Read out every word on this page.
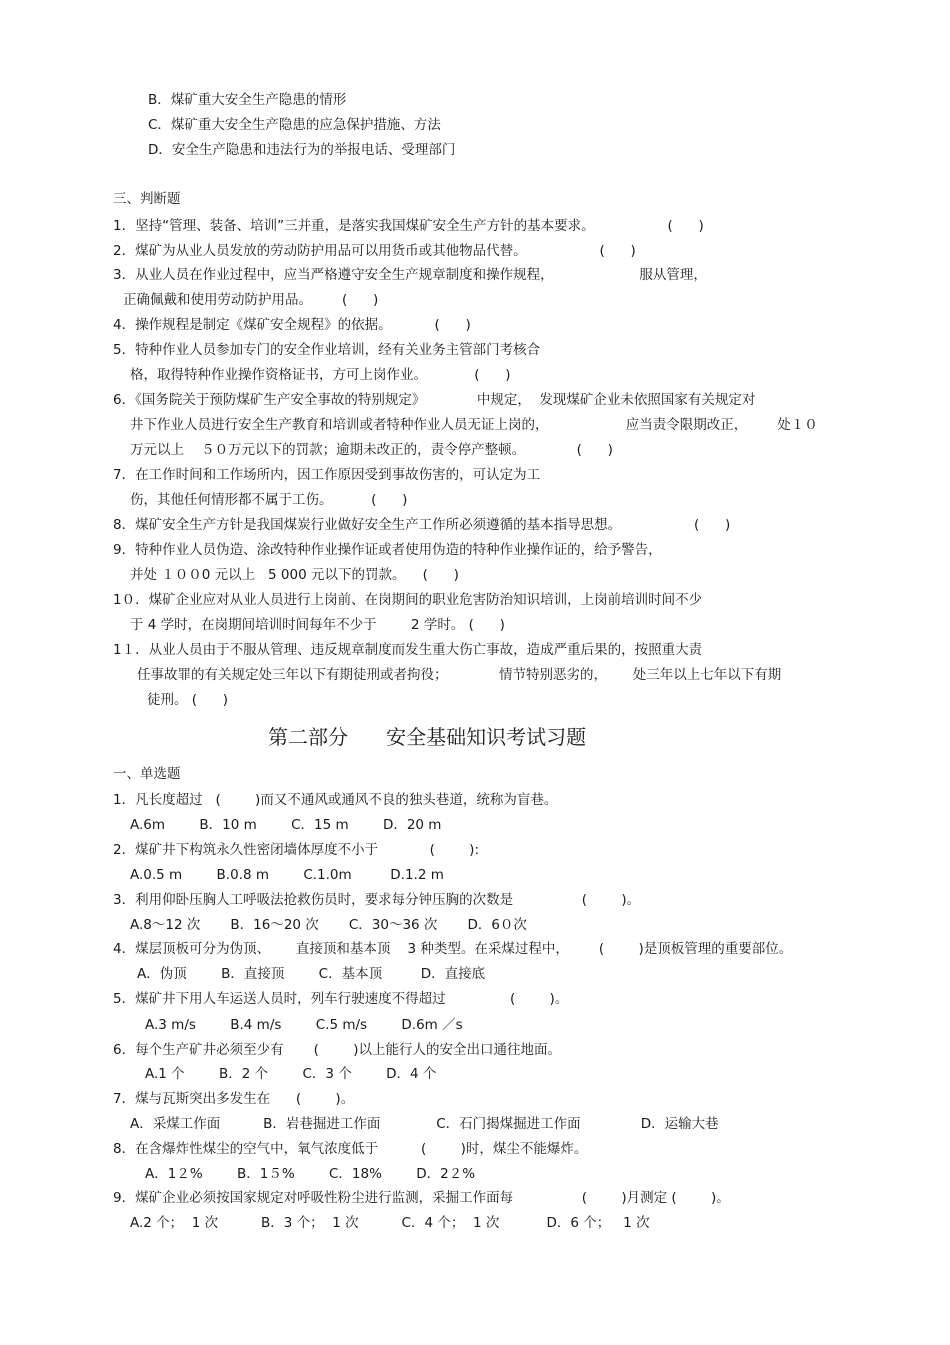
B．煤矿重大安全生产隐患的情形
C．煤矿重大安全生产隐患的应急保护措施、方法
D．安全生产隐患和违法行为的举报电话、受理部门
三、判断题
1．坚持“管理、装备、培训”三并重，是落实我国煤矿安全生产方针的基本要求。                 (      )
2．煤矿为从业人员发放的劳动防护用品可以用货币或其他物品代替。                 (      )
3．从业人员在作业过程中，应当严格遵守安全生产规章制度和操作规程，                    服从管理，
正确佩戴和使用劳动防护用品。       (      )
4．操作规程是制定《煤矿安全规程》的依据。          (      )
5．特种作业人员参加专门的安全作业培训，经有关业务主管部门考核合
格，取得特种作业操作资格证书，方可上岗作业。           (      )
6．《国务院关于预防煤矿生产安全事故的特别规定》            中规定，  发现煤矿企业未依照国家有关规定对
井下作业人员进行安全生产教育和培训或者特种作业人员无证上岗的，                  应当责令限期改正，       处１０
万元以上    ５０万元以下的罚款；逾期未改正的，责令停产整顿。            (      )
7．在工作时间和工作场所内，因工作原因受到事故伤害的，可认定为工
伤，其他任何情形都不属于工伤。         (      )
8．煤矿安全生产方针是我国煤炭行业做好安全生产工作所必须遵循的基本指导思想。                 (      )
9．特种作业人员伪造、涂改特种作业操作证或者使用伪造的特种作业操作证的，给予警告，
并处 １００0 元以上   5 000 元以下的罚款。    (      )
1０．煤矿企业应对从业人员进行上岗前、在岗期间的职业危害防治知识培训，上岗前培训时间不少
于 4 学时，在岗期间培训时间每年不少于        2 学时。 (      )
1１．从业人员由于不服从管理、违反规章制度而发生重大伤亡事故，造成严重后果的，按照重大责
任事故罪的有关规定处三年以下有期徒刑或者拘役；            情节特别恶劣的，      处三年以上七年以下有期
徒刑。 (      )
一、单选题
1．凡长度超过   (        )而又不通风或通风不良的独头巷道，统称为盲巷。
A.6m        B．10 m        C．15 m        D．20 m
2．煤矿井下构筑永久性密闭墙体厚度不小于            (        ):
A.0.5 m        B.0.8 m        C.1.0m         D.1.2 m
3．利用仰卧压胸人工呼吸法抢救伤员时，要求每分钟压胸的次数是                (        )。
A.8～12 次       B．16～20 次       C．30～36 次       D．6０次
4．煤层顶板可分为伪顶、      直接顶和基本顶    3 种类型。在采煤过程中，       (        )是顶板管理的重要部位。
A．伪顶        B．直接顶        C．基本顶         D．直接底
5．煤矿井下用人车运送人员时，列车行驶速度不得超过               (        )。
A.3 m/s        B.4 m/s        C.5 m/s        D.6m ／s
6．每个生产矿井必须至少有       (        )以上能行人的安全出口通往地面。
A.1 个        B．2 个        C．3 个        D．4 个
7．煤与瓦斯突出多发生在      (        )。
A．采煤工作面          B．岩巷掘进工作面             C．石门揭煤掘进工作面              D．运输大巷
8．在含爆炸性煤尘的空气中，氧气浓度低于          (        )时，煤尘不能爆炸。
A．1２%        B．1５%        C．18%        D．2２%
9．煤矿企业必须按国家规定对呼吸性粉尘进行监测，采掘工作面每                (        )月测定 (        )。
A.2 个；  1 次          B．3 个；  1 次          C．4 个；  1 次           D．6 个；   1 次
第二部分      安全基础知识考试习题
